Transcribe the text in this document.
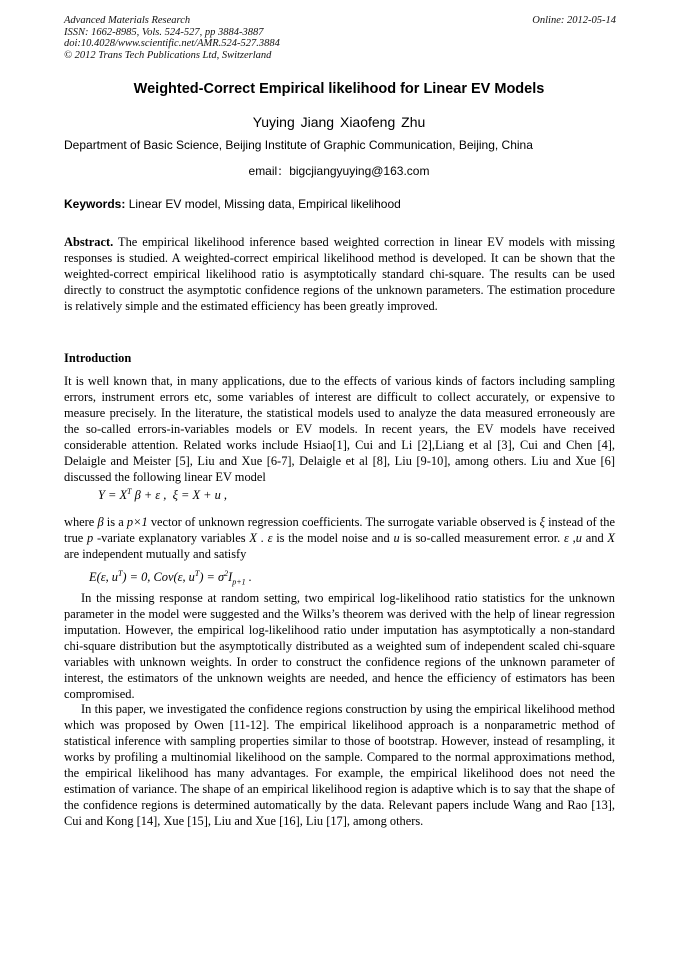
Advanced Materials Research
ISSN: 1662-8985, Vols. 524-527, pp 3884-3887
doi:10.4028/www.scientific.net/AMR.524-527.3884
© 2012 Trans Tech Publications Ltd, Switzerland
Online: 2012-05-14
Weighted-Correct Empirical likelihood for Linear EV Models
Yuying Jiang Xiaofeng Zhu
Department of Basic Science, Beijing Institute of Graphic Communication, Beijing, China
email：bigcjiangyuying@163.com
Keywords: Linear EV model, Missing data, Empirical likelihood
Abstract. The empirical likelihood inference based weighted correction in linear EV models with missing responses is studied. A weighted-correct empirical likelihood method is developed. It can be shown that the weighted-correct empirical likelihood ratio is asymptotically standard chi-square. The results can be used directly to construct the asymptotic confidence regions of the unknown parameters. The estimation procedure is relatively simple and the estimated efficiency has been greatly improved.
Introduction
It is well known that, in many applications, due to the effects of various kinds of factors including sampling errors, instrument errors etc, some variables of interest are difficult to collect accurately, or expensive to measure precisely. In the literature, the statistical models used to analyze the data measured erroneously are the so-called errors-in-variables models or EV models. In recent years, the EV models have received considerable attention. Related works include Hsiao[1], Cui and Li [2],Liang et al [3], Cui and Chen [4], Delaigle and Meister [5], Liu and Xue [6-7], Delaigle et al [8], Liu [9-10], among others. Liu and Xue [6] discussed the following linear EV model
$Y = X^T$ β + ε ,  ξ = X + u ,
where β is a p×1 vector of unknown regression coefficients. The surrogate variable observed is ξ instead of the true p -variate explanatory variables X . ε is the model noise and u is so-called measurement error. ε ,u and X are independent mutually and satisfy
E(ε, $u^T) = 0$, Cov(ε, $u^T) = \sigma^2I_{p+1}$ .
In the missing response at random setting, two empirical log-likelihood ratio statistics for the unknown parameter in the model were suggested and the Wilks’s theorem was derived with the help of linear regression imputation. However, the empirical log-likelihood ratio under imputation has asymptotically a non-standard chi-square distribution but the asymptotically distributed as a weighted sum of independent scaled chi-square variables with unknown weights. In order to construct the confidence regions of the unknown parameter of interest, the estimators of the unknown weights are needed, and hence the efficiency of estimators has been compromised.
In this paper, we investigated the confidence regions construction by using the empirical likelihood method which was proposed by Owen [11-12]. The empirical likelihood approach is a nonparametric method of statistical inference with sampling properties similar to those of bootstrap. However, instead of resampling, it works by profiling a multinomial likelihood on the sample. Compared to the normal approximations method, the empirical likelihood has many advantages. For example, the empirical likelihood does not need the estimation of variance. The shape of an empirical likelihood region is adaptive which is to say that the shape of the confidence regions is determined automatically by the data. Relevant papers include Wang and Rao [13], Cui and Kong [14], Xue [15], Liu and Xue [16], Liu [17], among others.
